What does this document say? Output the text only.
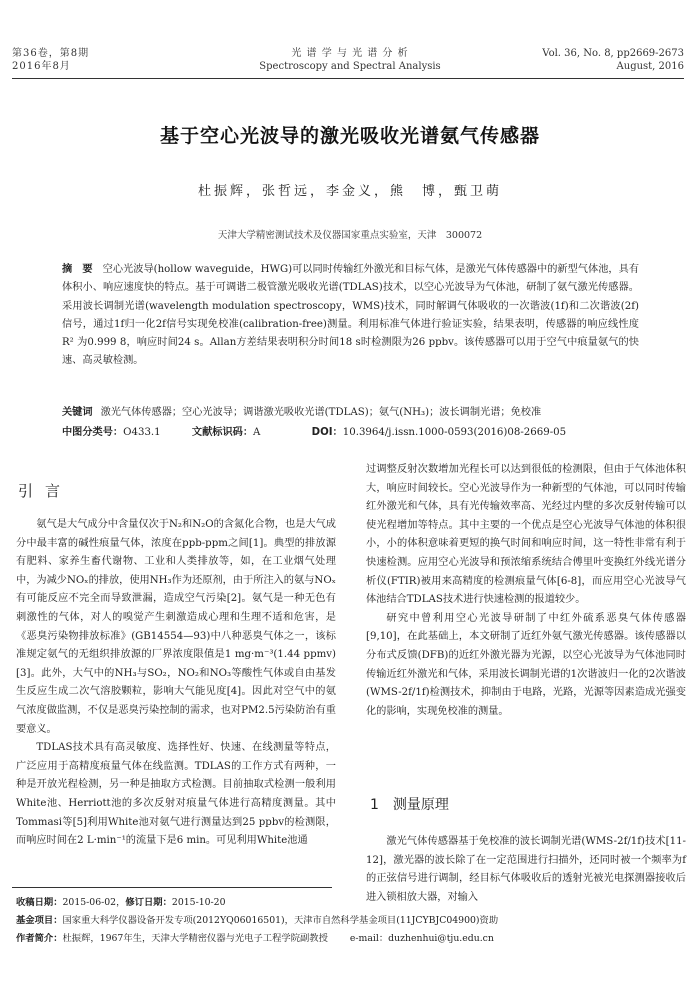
第36卷，第8期
2016年8月
光 谱 学 与 光 谱 分 析
Spectroscopy and Spectral Analysis
Vol. 36, No. 8, pp2669-2673
August, 2016
基于空心光波导的激光吸收光谱氨气传感器
杜振辉，张哲远，李金义，熊　博，甄卫萌
天津大学精密测试技术及仪器国家重点实验室，天津　300072
摘　要 空心光波导(hollow waveguide，HWG)可以同时传输红外激光和目标气体，是激光气体传感器中的新型气体池，具有体积小、响应速度快的特点。基于可调谐二极管激光吸收光谱(TDLAS)技术，以空心光波导为气体池，研制了氨气激光传感器。采用波长调制光谱(wavelength modulation spectroscopy，WMS)技术，同时解调气体吸收的一次谐波(1f)和二次谐波(2f)信号，通过1f归一化2f信号实现免校准(calibration-free)测量。利用标准气体进行验证实验，结果表明，传感器的响应线性度R² 为0.999 8，响应时间24 s。Allan方差结果表明积分时间18 s时检测限为26 ppbv。该传感器可以用于空气中痕量氨气的快速、高灵敏检测。
关键词 激光气体传感器；空心光波导；调谐激光吸收光谱(TDLAS)；氨气(NH₃)；波长调制光谱；免校准
中图分类号：O433.1	文献标识码：A	DOI：10.3964/j.issn.1000-0593(2016)08-2669-05
引言

氨气是大气成分中含量仅次于N₂和N₂O的含氮化合物，也是大气成分中最丰富的碱性痕量气体，浓度在ppb-ppm之间[1]。典型的排放源有肥料、家养生畜代谢物、工业和人类排放等，如，在工业烟气处理中，为减少NOₓ的排放，使用NH₃作为还原剂，由于所注入的氨与NOₓ有可能反应不完全而导致泄漏，造成空气污染[2]。氨气是一种无色有刺激性的气体，对人的嗅觉产生刺激造成心理和生理不适和危害，是《恶臭污染物排放标准》(GB14554—93)中八种恶臭气体之一，该标准规定氨气的无组织排放源的厂界浓度限值是1 mg·m⁻³(1.44 ppmv)[3]。此外，大气中的NH₃与SO₂，NO₂和NO₃等酸性气体或自由基发生反应生成二次气溶胶颗粒，影响大气能见度[4]。因此对空气中的氨气浓度做监测，不仅是恶臭污染控制的需求，也对PM2.5污染防治有重要意义。

TDLAS技术具有高灵敏度、选择性好、快速、在线测量等特点，广泛应用于高精度痕量气体在线监测。TDLAS的工作方式有两种，一种是开放光程检测，另一种是抽取方式检测。目前抽取式检测一般利用White池、Herriott池的多次反射对痕量气体进行高精度测量。其中Tommasi等[5]利用White池对氨气进行测量达到25 ppbv的检测限，而响应时间在2 L·min⁻¹的流量下是6 min。可见利用White池通

过调整反射次数增加光程长可以达到很低的检测限，但由于气体池体积大，响应时间较长。空心光波导作为一种新型的气体池，可以同时传输红外激光和气体，具有光传输效率高、光经过内壁的多次反射传输可以使光程增加等特点。其中主要的一个优点是空心光波导气体池的体积很小，小的体积意味着更短的换气时间和响应时间，这一特性非常有利于快速检测。应用空心光波导和预浓缩系统结合傅里叶变换红外线光谱分析仪(FTIR)被用来高精度的检测痕量气体[6-8]，而应用空心光波导气体池结合TDLAS技术进行快速检测的报道较少。

研究中曾利用空心光波导研制了中红外硫系恶臭气体传感器[9,10]，在此基础上，本文研制了近红外氨气激光传感器。该传感器以分布式反馈(DFB)的近红外激光器为光源，以空心光波导为气体池同时传输近红外激光和气体，采用波长调制光谱的1次谐波归一化的2次谐波(WMS-2f/1f)检测技术，抑制由于电路，光路，光源等因素造成光强变化的影响，实现免校准的测量。

1 测量原理

激光气体传感器基于免校准的波长调制光谱(WMS-2f/1f)技术[11-12]，激光器的波长除了在一定范围进行扫描外，还同时被一个频率为f的正弦信号进行调制，经目标气体吸收后的透射光被光电探测器接收后进入锁相放大器，对输入

收稿日期：2015-06-02，修订日期：2015-10-20
基金项目：国家重大科学仪器设备开发专项(2012YQ06016501)，天津市自然科学基金项目(11JCYBJC04900)资助
作者简介：杜振辉，1967年生，天津大学精密仪器与光电子工程学院副教授 e-mail：duzhenhui@tju.edu.cn
